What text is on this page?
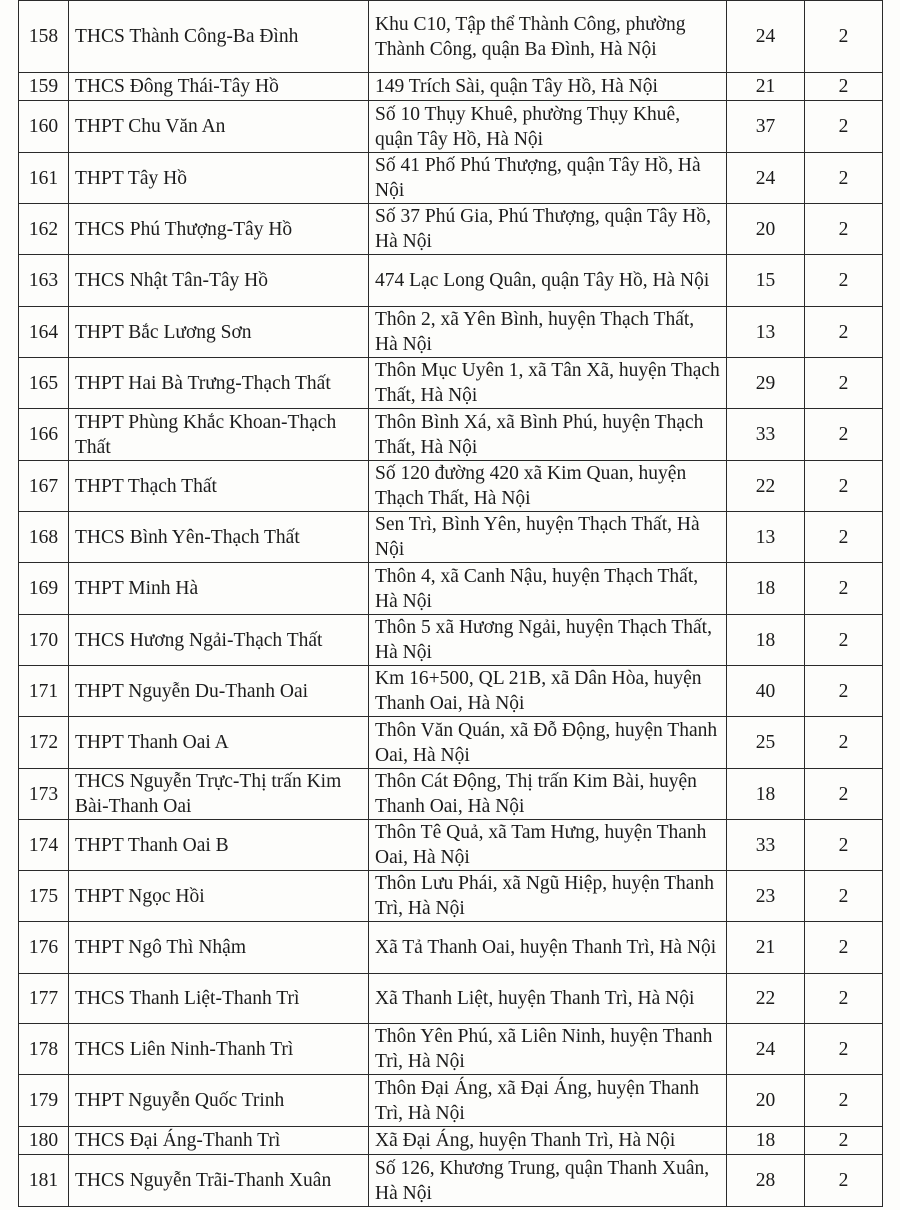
158	THCS Thành Công-Ba Đình	Khu C10, Tập thể Thành Công, phường Thành Công, quận Ba Đình, Hà Nội	24	2
159	THCS Đông Thái-Tây Hồ	149 Trích Sài, quận Tây Hồ, Hà Nội	21	2
160	THPT Chu Văn An	Số 10 Thụy Khuê, phường Thụy Khuê, quận Tây Hồ, Hà Nội	37	2
161	THPT Tây Hồ	Số 41 Phố Phú Thượng, quận Tây Hồ, Hà Nội	24	2
162	THCS Phú Thượng-Tây Hồ	Số 37 Phú Gia, Phú Thượng, quận Tây Hồ, Hà Nội	20	2
163	THCS Nhật Tân-Tây Hồ	474 Lạc Long Quân, quận Tây Hồ, Hà Nội	15	2
164	THPT Bắc Lương Sơn	Thôn 2, xã Yên Bình, huyện Thạch Thất, Hà Nội	13	2
165	THPT Hai Bà Trưng-Thạch Thất	Thôn Mục Uyên 1, xã Tân Xã, huyện Thạch Thất, Hà Nội	29	2
166	THPT Phùng Khắc Khoan-Thạch Thất	Thôn Bình Xá, xã Bình Phú, huyện Thạch Thất, Hà Nội	33	2
167	THPT Thạch Thất	Số 120 đường 420 xã Kim Quan, huyện Thạch Thất, Hà Nội	22	2
168	THCS Bình Yên-Thạch Thất	Sen Trì, Bình Yên, huyện Thạch Thất, Hà Nội	13	2
169	THPT Minh Hà	Thôn 4, xã Canh Nậu, huyện Thạch Thất, Hà Nội	18	2
170	THCS Hương Ngải-Thạch Thất	Thôn 5 xã Hương Ngải, huyện Thạch Thất, Hà Nội	18	2
171	THPT Nguyễn Du-Thanh Oai	Km 16+500, QL 21B, xã Dân Hòa, huyện Thanh Oai, Hà Nội	40	2
172	THPT Thanh Oai A	Thôn Văn Quán, xã Đỗ Động, huyện Thanh Oai, Hà Nội	25	2
173	THCS Nguyễn Trực-Thị trấn Kim Bài-Thanh Oai	Thôn Cát Động, Thị trấn Kim Bài, huyện Thanh Oai, Hà Nội	18	2
174	THPT Thanh Oai B	Thôn Tê Quả, xã Tam Hưng, huyện Thanh Oai, Hà Nội	33	2
175	THPT Ngọc Hồi	Thôn Lưu Phái, xã Ngũ Hiệp, huyện Thanh Trì, Hà Nội	23	2
176	THPT Ngô Thì Nhậm	Xã Tả Thanh Oai, huyện Thanh Trì, Hà Nội	21	2
177	THCS Thanh Liệt-Thanh Trì	Xã Thanh Liệt, huyện Thanh Trì, Hà Nội	22	2
178	THCS Liên Ninh-Thanh Trì	Thôn Yên Phú, xã Liên Ninh, huyện Thanh Trì, Hà Nội	24	2
179	THPT Nguyễn Quốc Trinh	Thôn Đại Áng, xã Đại Áng, huyện Thanh Trì, Hà Nội	20	2
180	THCS Đại Áng-Thanh Trì	Xã Đại Áng, huyện Thanh Trì, Hà Nội	18	2
181	THCS Nguyễn Trãi-Thanh Xuân	Số 126, Khương Trung, quận Thanh Xuân, Hà Nội	28	2
